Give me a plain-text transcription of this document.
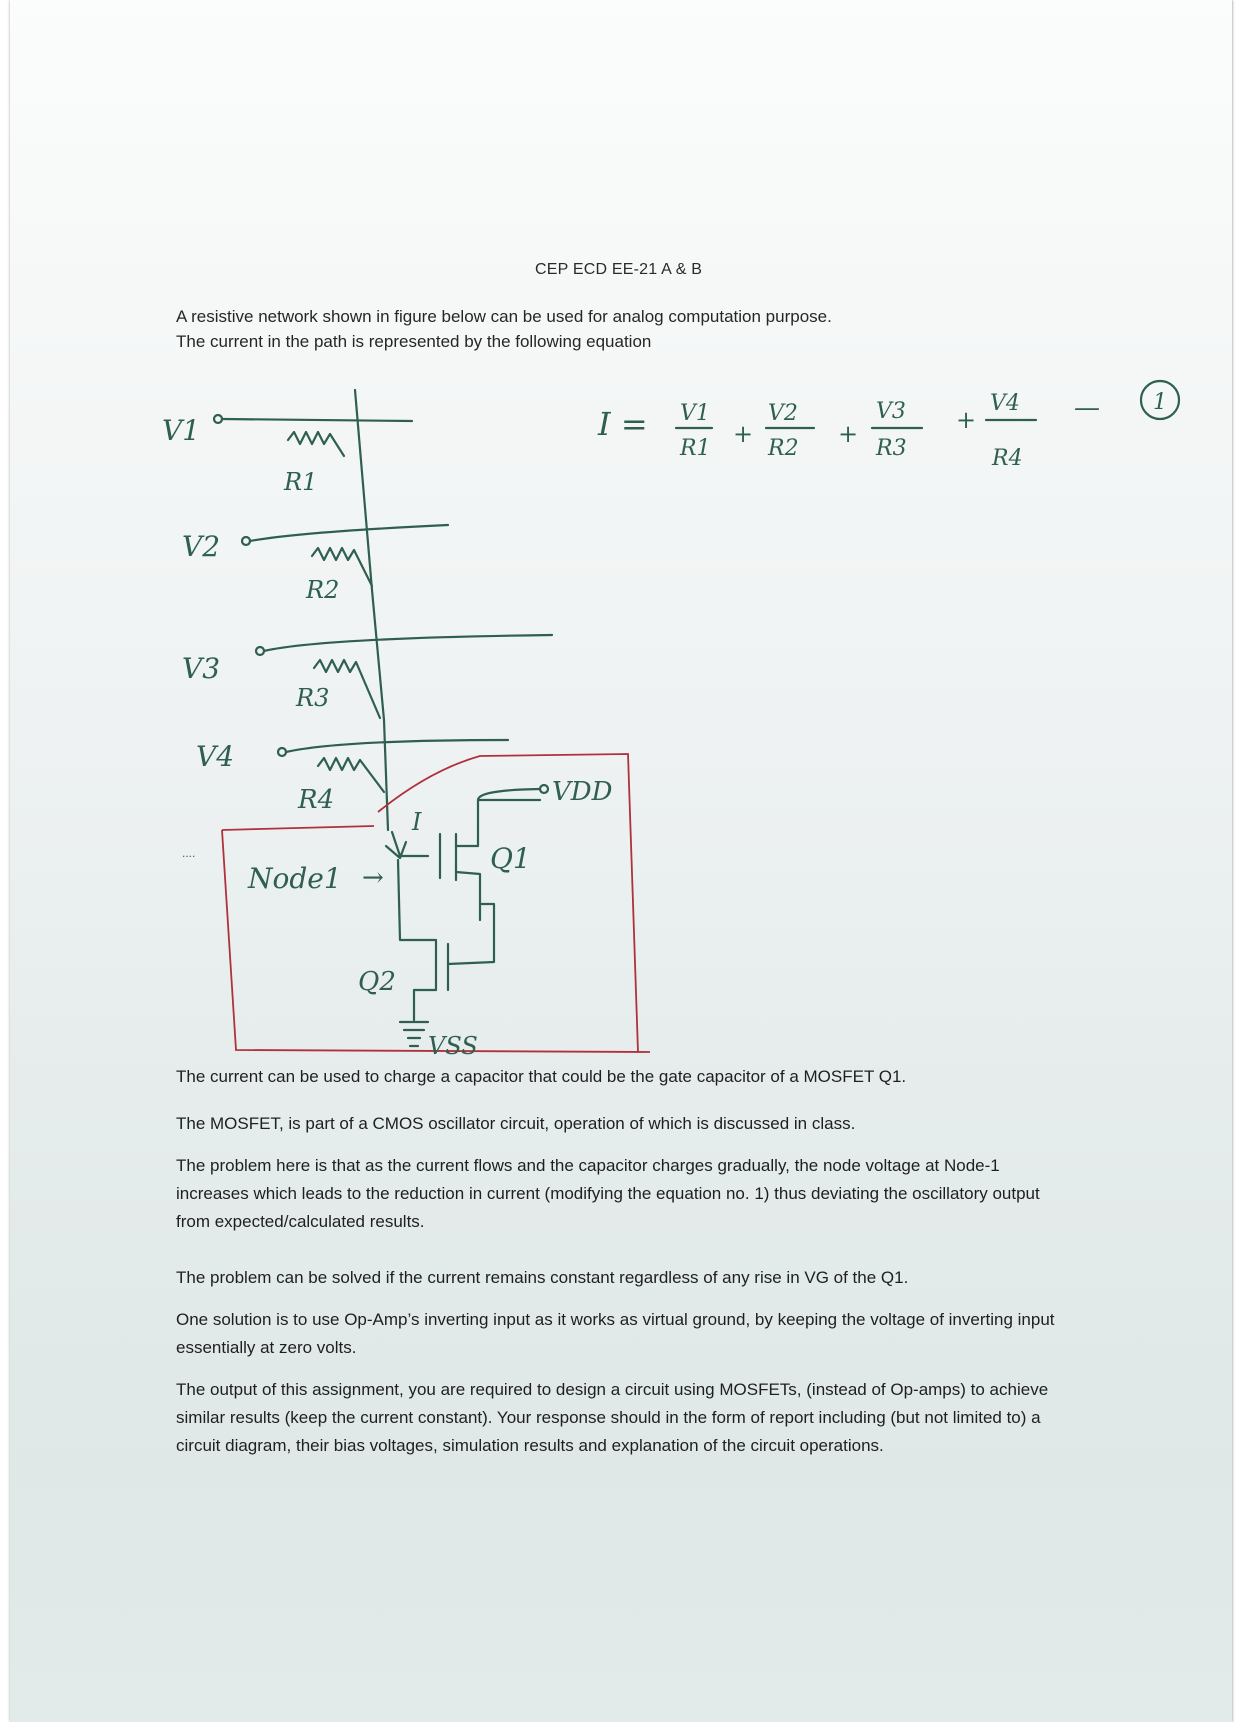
CEP ECD EE-21 A & B

A resistive network shown in figure below can be used for analog computation purpose.

The current in the path is represented by the following equation

I = V1
R1
+
V2
R2
+
V3
R3
+
V4
R4
— 1
V1
V2
V3
V4
R1
R2
R3
R4
I
Node1 →
VDD
Q1
Q2
VSS
....
The current can be used to charge a capacitor that could be the gate capacitor of a MOSFET Q1.
The MOSFET, is part of a CMOS oscillator circuit, operation of which is discussed in class.
The problem here is that as the current flows and the capacitor charges gradually, the node voltage at Node-1 increases which leads to the reduction in current (modifying the equation no. 1) thus deviating the oscillatory output from expected/calculated results.
The problem can be solved if the current remains constant regardless of any rise in VG of the Q1.
One solution is to use Op-Amp’s inverting input as it works as virtual ground, by keeping the voltage of inverting input essentially at zero volts.
The output of this assignment, you are required to design a circuit using MOSFETs, (instead of Op-amps) to achieve similar results (keep the current constant). Your response should in the form of report including (but not limited to) a circuit diagram, their bias voltages, simulation results and explanation of the circuit operations.
